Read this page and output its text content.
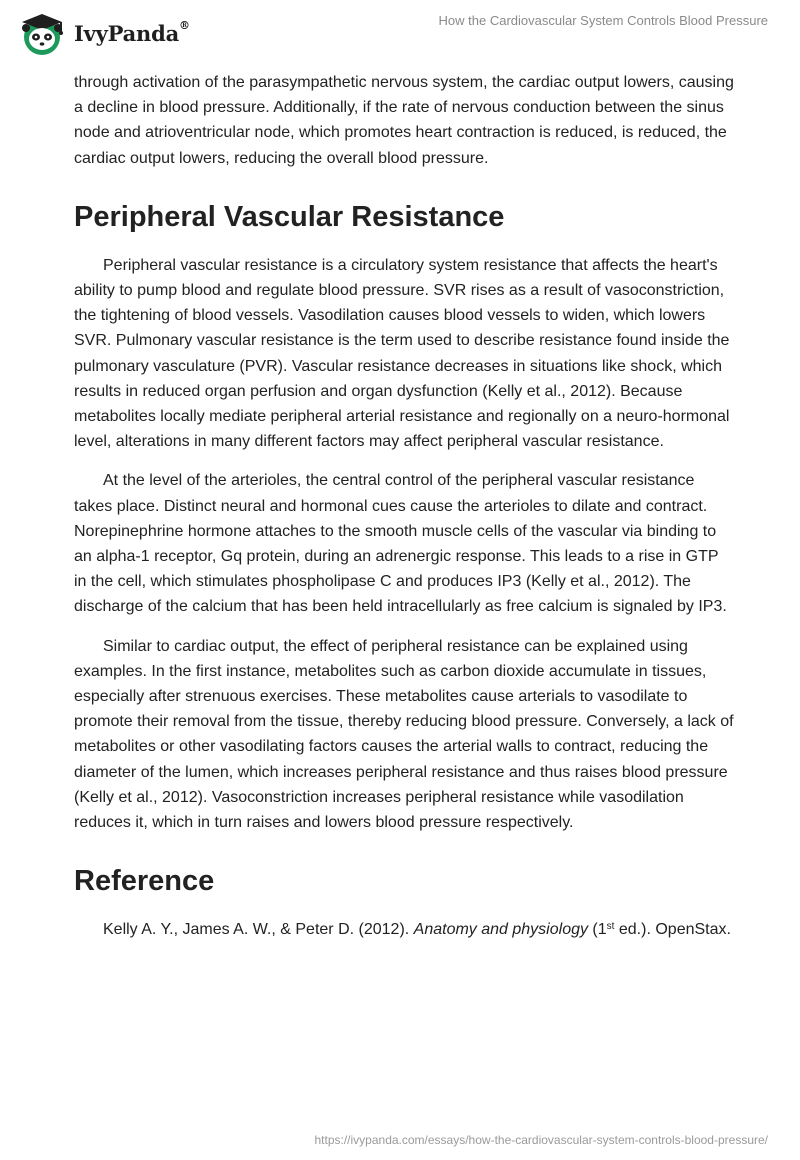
IvyPanda®	How the Cardiovascular System Controls Blood Pressure

through activation of the parasympathetic nervous system, the cardiac output lowers, causing a decline in blood pressure. Additionally, if the rate of nervous conduction between the sinus node and atrioventricular node, which promotes heart contraction is reduced, is reduced, the cardiac output lowers, reducing the overall blood pressure.

Peripheral Vascular Resistance

Peripheral vascular resistance is a circulatory system resistance that affects the heart's ability to pump blood and regulate blood pressure. SVR rises as a result of vasoconstriction, the tightening of blood vessels. Vasodilation causes blood vessels to widen, which lowers SVR. Pulmonary vascular resistance is the term used to describe resistance found inside the pulmonary vasculature (PVR). Vascular resistance decreases in situations like shock, which results in reduced organ perfusion and organ dysfunction (Kelly et al., 2012). Because metabolites locally mediate peripheral arterial resistance and regionally on a neuro-hormonal level, alterations in many different factors may affect peripheral vascular resistance.

At the level of the arterioles, the central control of the peripheral vascular resistance takes place. Distinct neural and hormonal cues cause the arterioles to dilate and contract. Norepinephrine hormone attaches to the smooth muscle cells of the vascular via binding to an alpha-1 receptor, Gq protein, during an adrenergic response. This leads to a rise in GTP in the cell, which stimulates phospholipase C and produces IP3 (Kelly et al., 2012). The discharge of the calcium that has been held intracellularly as free calcium is signaled by IP3.

Similar to cardiac output, the effect of peripheral resistance can be explained using examples. In the first instance, metabolites such as carbon dioxide accumulate in tissues, especially after strenuous exercises. These metabolites cause arterials to vasodilate to promote their removal from the tissue, thereby reducing blood pressure. Conversely, a lack of metabolites or other vasodilating factors causes the arterial walls to contract, reducing the diameter of the lumen, which increases peripheral resistance and thus raises blood pressure (Kelly et al., 2012). Vasoconstriction increases peripheral resistance while vasodilation reduces it, which in turn raises and lowers blood pressure respectively.

Reference

Kelly A. Y., James A. W., & Peter D. (2012). Anatomy and physiology (1st ed.). OpenStax.

https://ivypanda.com/essays/how-the-cardiovascular-system-controls-blood-pressure/
